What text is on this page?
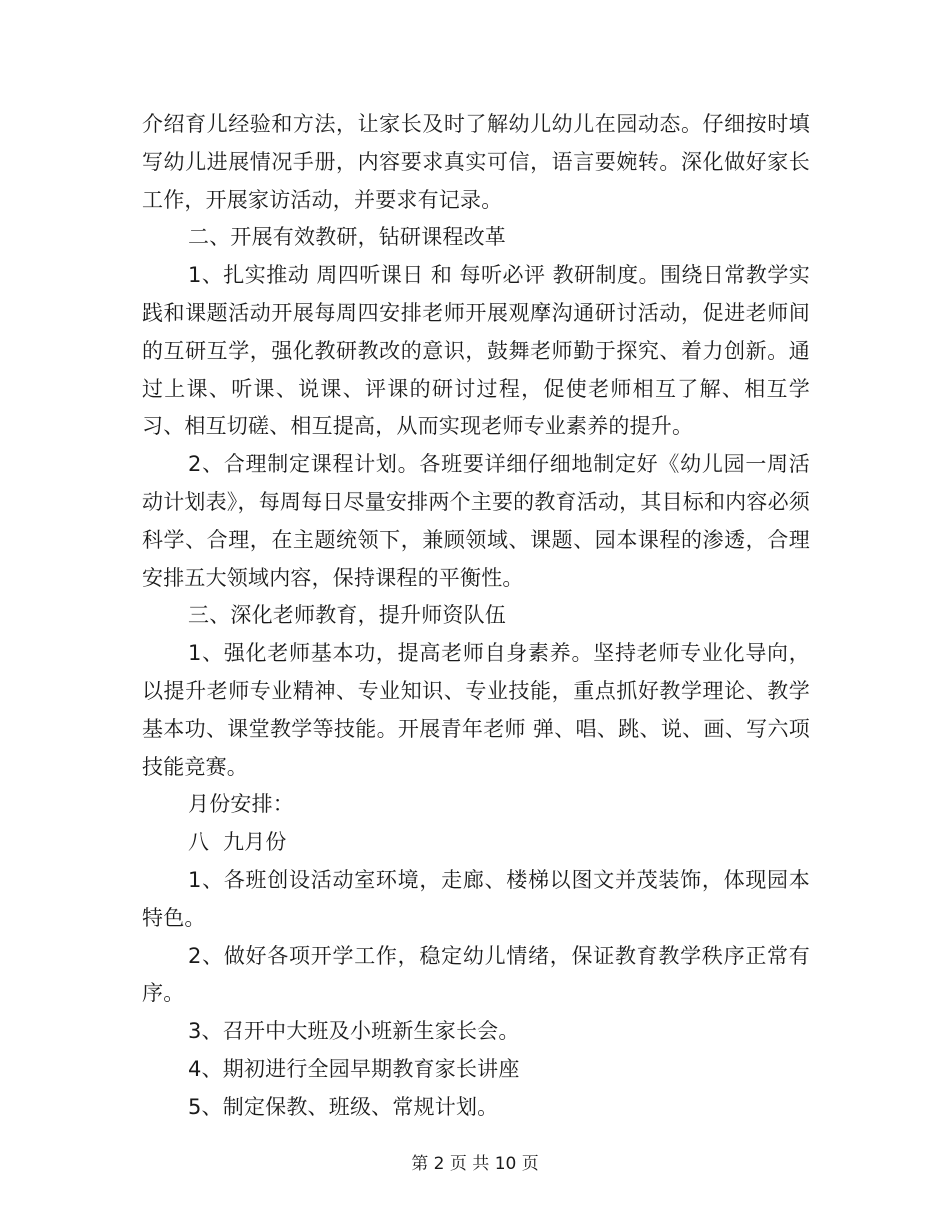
介绍育儿经验和方法，让家长及时了解幼儿幼儿在园动态。仔细按时填写幼儿进展情况手册，内容要求真实可信，语言要婉转。深化做好家长工作，开展家访活动，并要求有记录。

二、开展有效教研，钻研课程改革

1、扎实推动 周四听课日 和 每听必评 教研制度。围绕日常教学实践和课题活动开展每周四安排老师开展观摩沟通研讨活动，促进老师间的互研互学，强化教研教改的意识，鼓舞老师勤于探究、着力创新。通过上课、听课、说课、评课的研讨过程，促使老师相互了解、相互学习、相互切磋、相互提高，从而实现老师专业素养的提升。

2、合理制定课程计划。各班要详细仔细地制定好《幼儿园一周活动计划表》，每周每日尽量安排两个主要的教育活动，其目标和内容必须科学、合理，在主题统领下，兼顾领域、课题、园本课程的渗透，合理安排五大领域内容，保持课程的平衡性。

三、深化老师教育，提升师资队伍

1、强化老师基本功，提高老师自身素养。坚持老师专业化导向，以提升老师专业精神、专业知识、专业技能，重点抓好教学理论、教学基本功、课堂教学等技能。开展青年老师 弹、唱、跳、说、画、写六项技能竞赛。

月份安排：

八  九月份

1、各班创设活动室环境，走廊、楼梯以图文并茂装饰，体现园本特色。

2、做好各项开学工作，稳定幼儿情绪，保证教育教学秩序正常有序。

3、召开中大班及小班新生家长会。

4、期初进行全园早期教育家长讲座

5、制定保教、班级、常规计划。

第 2 页 共 10 页
